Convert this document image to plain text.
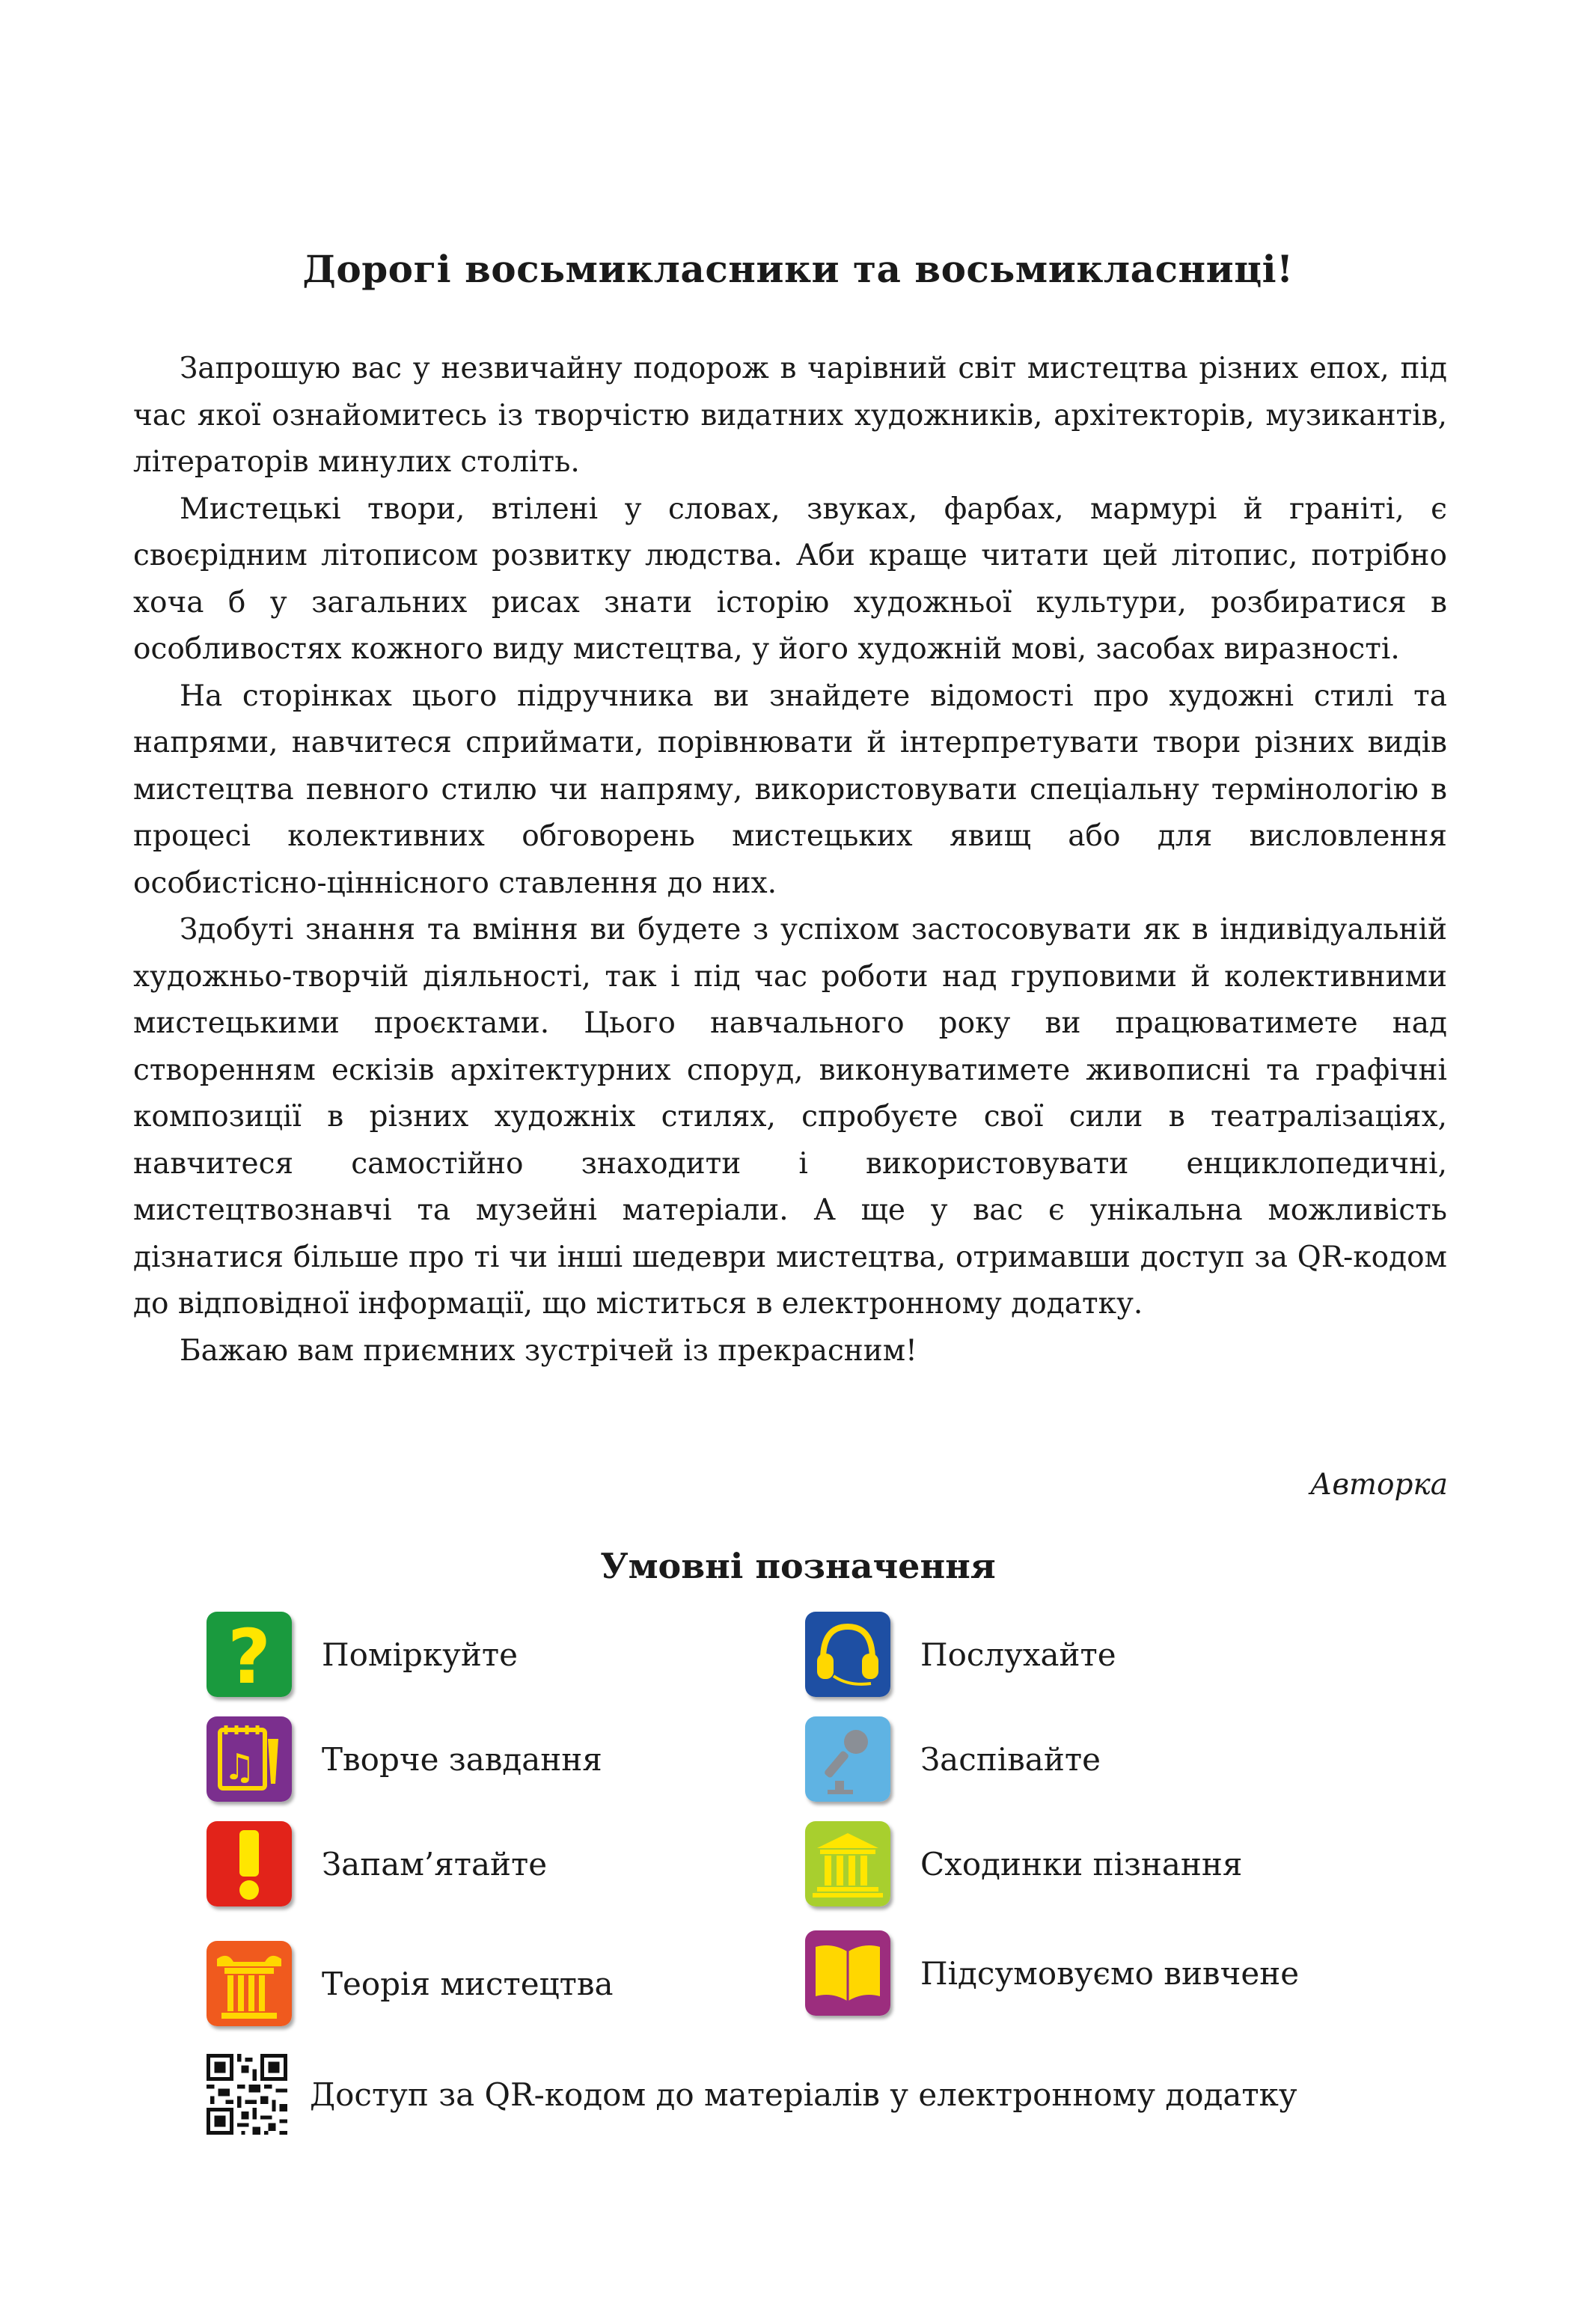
Дорогі восьмикласники та восьмикласниці!

Запрошую вас у незвичайну подорож в чарівний світ мистецтва різних епох, під час якої ознайомитесь із творчістю видатних художників, архітекторів, музикантів, літераторів минулих століть.

Мистецькі твори, втілені у словах, звуках, фарбах, мармурі й граніті, є своєрідним літописом розвитку людства. Аби краще читати цей літопис, потрібно хоча б у загальних рисах знати історію художньої культури, розбиратися в особливостях кожного виду мистецтва, у його художній мові, засобах виразності.

На сторінках цього підручника ви знайдете відомості про художні стилі та напрями, навчитеся сприймати, порівнювати й інтерпретувати твори різних видів мистецтва певного стилю чи напряму, використовувати спеціальну термінологію в процесі колективних обговорень мистецьких явищ або для висловлення особистісно-ціннісного ставлення до них.

Здобуті знання та вміння ви будете з успіхом застосовувати як в індивідуальній художньо-творчій діяльності, так і під час роботи над груповими й колективними мистецькими проєктами. Цього навчального року ви працюватимете над створенням ескізів архітектурних споруд, виконуватимете живописні та графічні композиції в різних художніх стилях, спробуєте свої сили в театралізаціях, навчитеся самостійно знаходити і використовувати енциклопедичні, мистецтвознавчі та музейні матеріали. А ще у вас є унікальна можливість дізнатися більше про ті чи інші шедеври мистецтва, отримавши доступ за QR-кодом до відповідної інформації, що міститься в електронному додатку.

Бажаю вам приємних зустрічей із прекрасним!

Авторка
Умовні позначення
? Поміркуйте
♫ Творче завдання
Запам’ятайте
Теорія мистецтва
Послухайте
Заспівайте
Сходинки пізнання
Підсумовуємо вивчене
Доступ за QR-кодом до матеріалів у електронному додатку
